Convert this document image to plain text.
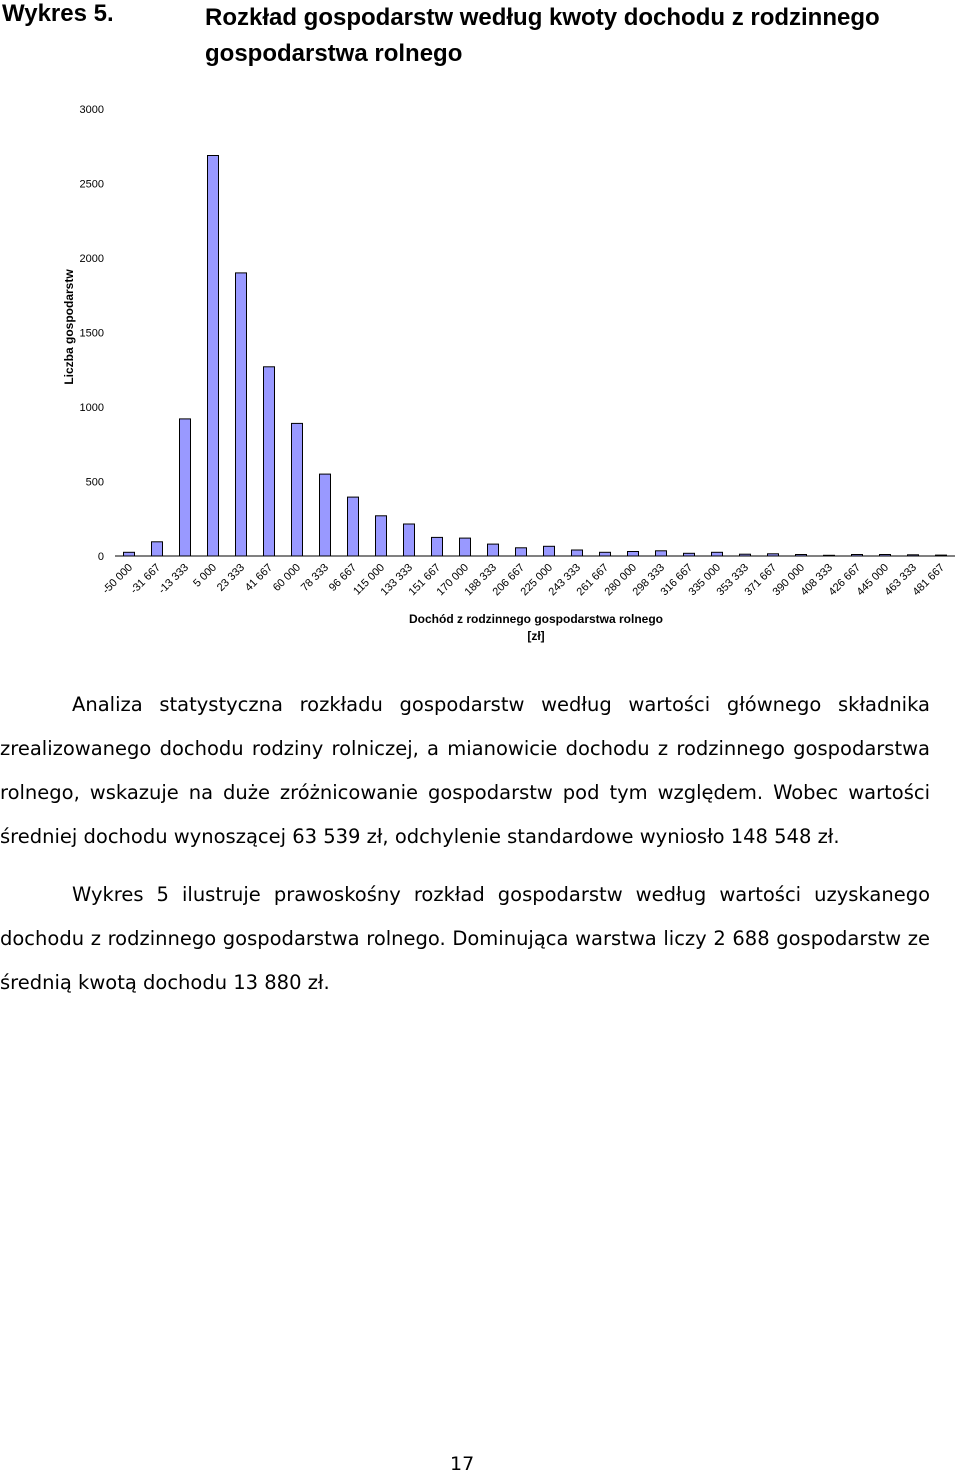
Wykres 5.	Rozkład gospodarstw według kwoty dochodu z rodzinnego gospodarstwa rolnego
0
500
1000
1500
2000
2500
3000
-50 000
-31 667
-13 333 5 000
23 333
41 667
60 000
78 333
96 667
115 000
133 333
151 667
170 000
188 333
206 667
225 000
243 333
261 667
280 000
298 333
316 667
335 000
353 333
371 667
390 000
408 333
426 667
445 000
463 333
481 667
Liczba gospodarstw
Dochód z rodzinnego gospodarstwa rolnego
[zł]
Analiza statystyczna rozkładu gospodarstw według wartości głównego składnika zrealizowanego dochodu rodziny rolniczej, a mianowicie dochodu z rodzinnego gospodarstwa rolnego, wskazuje na duże zróżnicowanie gospodarstw pod tym względem. Wobec wartości średniej dochodu wynoszącej 63 539 zł, odchylenie standardowe wyniosło 148 548 zł.
Wykres 5 ilustruje prawoskośny rozkład gospodarstw według wartości uzyskanego dochodu z rodzinnego gospodarstwa rolnego. Dominująca warstwa liczy 2 688 gospodarstw ze średnią kwotą dochodu 13 880 zł.
17
